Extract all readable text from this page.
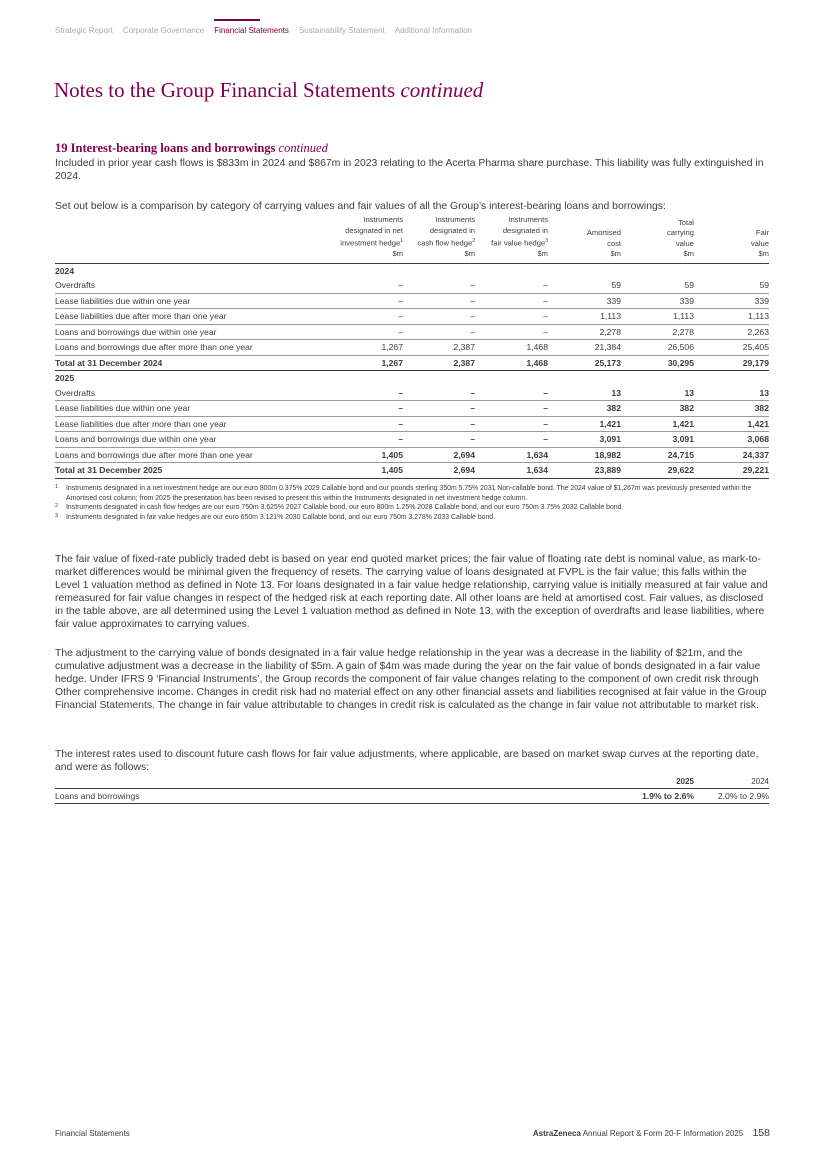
Strategic Report Corporate Governance Financial Statements Sustainability Statement Additional Information
Notes to the Group Financial Statements continued
19 Interest-bearing loans and borrowings continued

Included in prior year cash flows is $833m in 2024 and $867m in 2023 relating to the Acerta Pharma share purchase. This liability was fully extinguished in 2024.

Set out below is a comparison by category of carrying values and fair values of all the Group’s interest-bearing loans and borrowings:

	Instruments
designated in net
investment hedge$^1$
$m	Instruments
designated in
cash flow hedge$^2$
$m	Instruments
designated in
fair value hedge$^3$
$m	Amortised
cost
$m	Total
carrying
value
$m	Fair
value
$m
2024						
Overdrafts	–	–	–	59	59	59
Lease liabilities due within one year	–	–	–	339	339	339
Lease liabilities due after more than one year	–	–	–	1,113	1,113	1,113
Loans and borrowings due within one year	–	–	–	2,278	2,278	2,263
Loans and borrowings due after more than one year	1,267	2,387	1,468	21,384	26,506	25,405
Total at 31 December 2024	1,267	2,387	1,468	25,173	30,295	29,179
2025						
Overdrafts	–	–	–	13	13	13
Lease liabilities due within one year	–	–	–	382	382	382
Lease liabilities due after more than one year	–	–	–	1,421	1,421	1,421
Loans and borrowings due within one year	–	–	–	3,091	3,091	3,068
Loans and borrowings due after more than one year	1,405	2,694	1,634	18,982	24,715	24,337
Total at 31 December 2025	1,405	2,694	1,634	23,889	29,622	29,221
1	Instruments designated in a net investment hedge are our euro 800m 0.375% 2029 Callable bond and our pounds sterling 350m 5.75% 2031 Non-callable bond. The 2024 value of $1,267m was previously presented within the Amortised cost column; from 2025 the presentation has been revised to present this within the Instruments designated in net investment hedge column.
2	Instruments designated in cash flow hedges are our euro 750m 3.625% 2027 Callable bond, our euro 800m 1.25% 2028 Callable bond, and our euro 750m 3.75% 2032 Callable bond.
3	Instruments designated in fair value hedges are our euro 650m 3.121% 2030 Callable bond, and our euro 750m 3.278% 2033 Callable bond.

The fair value of fixed-rate publicly traded debt is based on year end quoted market prices; the fair value of floating rate debt is nominal value, as mark-to-market differences would be minimal given the frequency of resets. The carrying value of loans designated at FVPL is the fair value; this falls within the Level 1 valuation method as defined in Note 13. For loans designated in a fair value hedge relationship, carrying value is initially measured at fair value and remeasured for fair value changes in respect of the hedged risk at each reporting date. All other loans are held at amortised cost. Fair values, as disclosed in the table above, are all determined using the Level 1 valuation method as defined in Note 13, with the exception of overdrafts and lease liabilities, where fair value approximates to carrying values.

The adjustment to the carrying value of bonds designated in a fair value hedge relationship in the year was a decrease in the liability of $21m, and the cumulative adjustment was a decrease in the liability of $5m. A gain of $4m was made during the year on the fair value of bonds designated in a fair value hedge. Under IFRS 9 ‘Financial Instruments’, the Group records the component of fair value changes relating to the component of own credit risk through Other comprehensive income. Changes in credit risk had no material effect on any other financial assets and liabilities recognised at fair value in the Group Financial Statements. The change in fair value attributable to changes in credit risk is calculated as the change in fair value not attributable to market risk.

The interest rates used to discount future cash flows for fair value adjustments, where applicable, are based on market swap curves at the reporting date, and were as follows:

	2025	2024
Loans and borrowings	1.9% to 2.6%	2.0% to 2.9%
Financial Statements	AstraZeneca Annual Report & Form 20-F Information 2025 158
